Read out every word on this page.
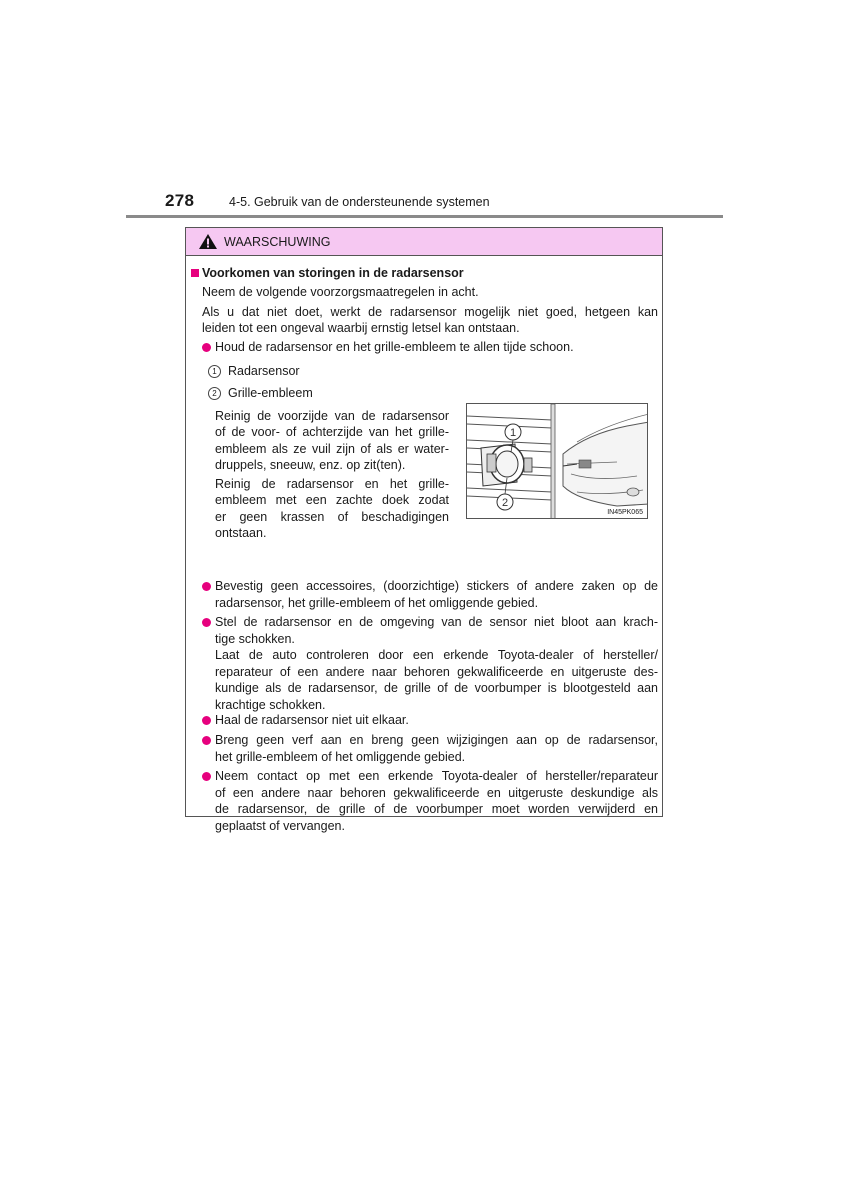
278	4-5. Gebruik van de ondersteunende systemen
WAARSCHUWING
Voorkomen van storingen in de radarsensor
Neem de volgende voorzorgsmaatregelen in acht.
Als u dat niet doet, werkt de radarsensor mogelijk niet goed, hetgeen kan
leiden tot een ongeval waarbij ernstig letsel kan ontstaan.
Houd de radarsensor en het grille-embleem te allen tijde schoon.
1 Radarsensor
2 Grille-embleem
Reinig de voorzijde van de radarsensor
of de voor- of achterzijde van het grille-
embleem als ze vuil zijn of als er water-
druppels, sneeuw, enz. op zit(ten).
Reinig de radarsensor en het grille-
embleem met een zachte doek zodat
er geen krassen of beschadigingen
ontstaan.
1
2
IN45PK065
Bevestig geen accessoires, (doorzichtige) stickers of andere zaken op de
radarsensor, het grille-embleem of het omliggende gebied.
Stel de radarsensor en de omgeving van de sensor niet bloot aan krach-
tige schokken.
Laat de auto controleren door een erkende Toyota-dealer of hersteller/
reparateur of een andere naar behoren gekwalificeerde en uitgeruste des-
kundige als de radarsensor, de grille of de voorbumper is blootgesteld aan
krachtige schokken.
Haal de radarsensor niet uit elkaar.
Breng geen verf aan en breng geen wijzigingen aan op de radarsensor,
het grille-embleem of het omliggende gebied.
Neem contact op met een erkende Toyota-dealer of hersteller/reparateur
of een andere naar behoren gekwalificeerde en uitgeruste deskundige als
de radarsensor, de grille of de voorbumper moet worden verwijderd en
geplaatst of vervangen.
